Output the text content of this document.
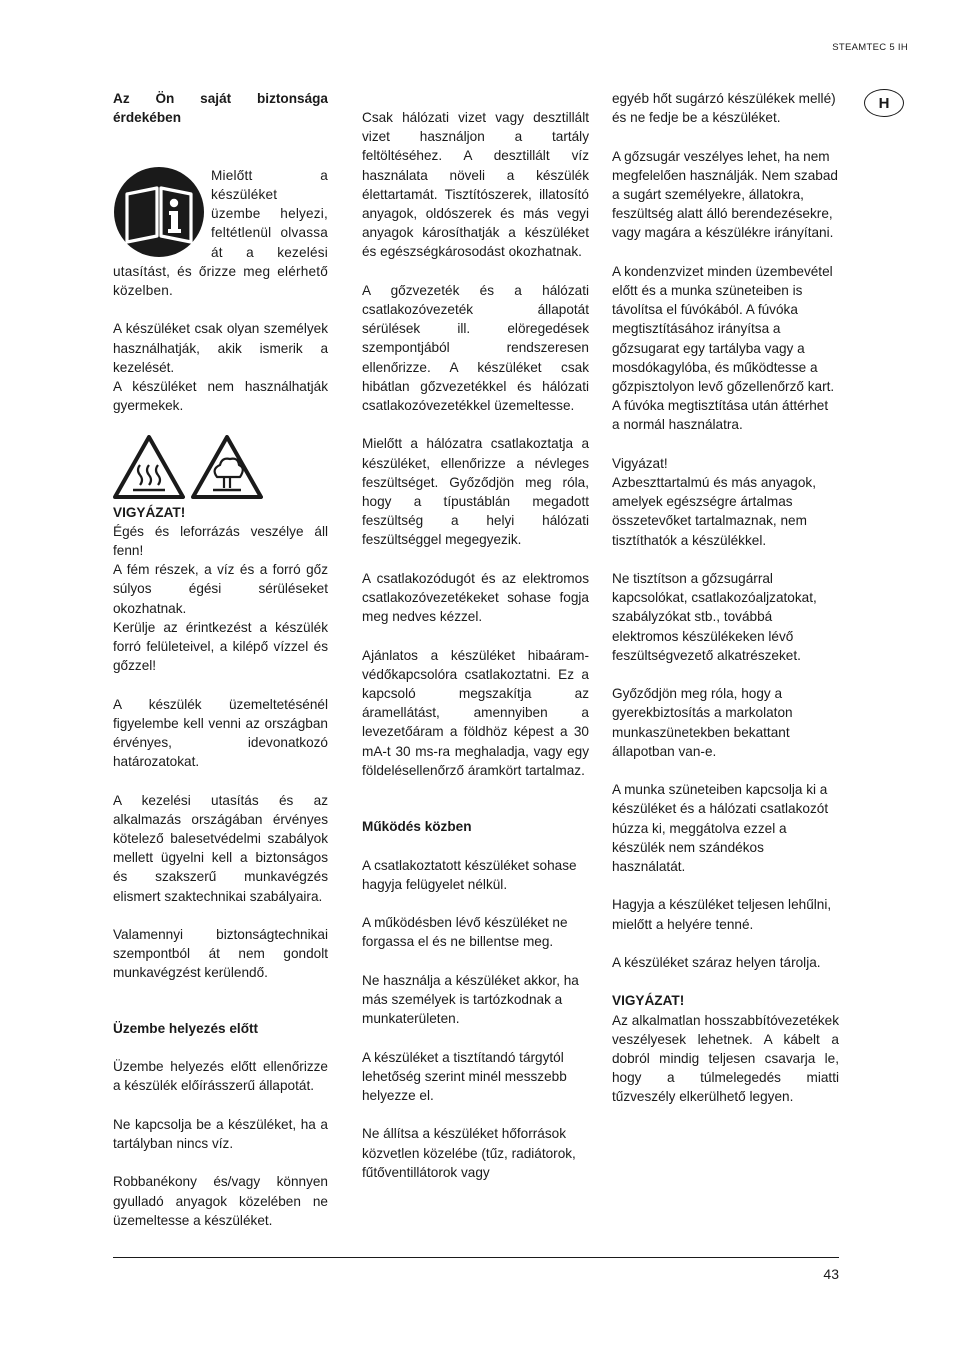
STEAMTEC 5 IH
H

Az Ön saját biztonsága érdekében

Mielőtt a készüléket üzembe helyezi, feltétlenül olvassa át a kezelési utasítást, és őrizze meg elérhető közelben.

A készüléket csak olyan személyek használhatják, akik ismerik a kezelését.

A készüléket nem használhatják gyermekek.

VIGYÁZAT!

Égés és leforrázás veszélye áll fenn!

A fém részek, a víz és a forró gőz súlyos égési sérüléseket okozhatnak.

Kerülje az érintkezést a készülék forró felületeivel, a kilépő vízzel és gőzzel!

A készülék üzemeltetésénél figyelembe kell venni az országban érvényes, idevonatkozó határozatokat.

A kezelési utasítás és az alkalmazás országában érvényes kötelező balesetvédelmi szabályok mellett ügyelni kell a biztonságos és szakszerű munkavégzés elismert szaktechnikai szabályaira.

Valamennyi biztonságtechnikai szempontból át nem gondolt munkavégzést kerülendő.

Üzembe helyezés előtt

Üzembe helyezés előtt ellenőrizze a készülék előírásszerű állapotát.

Ne kapcsolja be a készüléket, ha a tartályban nincs víz.

Robbanékony és/vagy könnyen gyulladó anyagok közelében ne üzemeltesse a készüléket.

Csak hálózati vizet vagy desztillált vizet használjon a tartály feltöltéséhez. A desztillált víz használata növeli a készülék élettartamát. Tisztítószerek, illatosító anyagok, oldószerek és más vegyi anyagok károsíthatják a készüléket és egészségkárosodást okozhatnak.

A gőzvezeték és a hálózati csatlakozóvezeték állapotát sérülések ill. elöregedések szempontjából rendszeresen ellenőrizze. A készüléket csak hibátlan gőzvezetékkel és hálózati csatlakozóvezetékkel üzemeltesse.

Mielőtt a hálózatra csatlakoztatja a készüléket, ellenőrizze a névleges feszültséget. Győződjön meg róla, hogy a típustáblán megadott feszültség a helyi hálózati feszültséggel megegyezik.

A csatlakozódugót és az elektromos csatlakozóvezetékeket sohase fogja meg nedves kézzel.

Ajánlatos a készüléket hibaáram-védőkapcsolóra csatlakoztatni. Ez a kapcsoló megszakítja az áramellátást, amennyiben a levezetőáram a földhöz képest a 30 mA-t 30 ms-ra meghaladja, vagy egy földelésellenőrző áramkört tartalmaz.

Működés közben

A csatlakoztatott készüléket sohase hagyja felügyelet nélkül.

A működésben lévő készüléket ne forgassa el és ne billentse meg.

Ne használja a készüléket akkor, ha más személyek is tartózkodnak a munkaterületen.

A készüléket a tisztítandó tárgytól lehetőség szerint minél messzebb helyezze el.

Ne állítsa a készüléket hőforrások közvetlen közelébe (tűz, radiátorok, fűtőventillátorok vagy

egyéb hőt sugárzó készülékek mellé) és ne fedje be a készüléket.

A gőzsugár veszélyes lehet, ha nem megfelelően használják. Nem szabad a sugárt személyekre, állatokra, feszültség alatt álló berendezésekre, vagy magára a készülékre irányítani.

A kondenzvizet minden üzembevétel előtt és a munka szüneteiben is távolítsa el fúvókából. A fúvóka megtisztításához irányítsa a gőzsugarat egy tartályba vagy a mosdókagylóba, és működtesse a gőzpisztolyon levő gőzellenőrző kart. A fúvóka megtisztítása után áttérhet a normál használatra.

Vigyázat!

Azbeszttartalmú és más anyagok, amelyek egészségre ártalmas összetevőket tartalmaznak, nem tisztíthatók a készülékkel.

Ne tisztítson a gőzsugárral kapcsolókat, csatlakozóaljzatokat, szabályzókat stb., továbbá elektromos készülékeken lévő feszültségvezető alkatrészeket.

Győződjön meg róla, hogy a gyerekbiztosítás a markolaton munkaszünetekben bekattant állapotban van-e.

A munka szüneteiben kapcsolja ki a készüléket és a hálózati csatlakozót húzza ki, meggátolva ezzel a készülék nem szándékos használatát.

Hagyja a készüléket teljesen lehűlni, mielőtt a helyére tenné.

A készüléket száraz helyen tárolja.

VIGYÁZAT!

Az alkalmatlan hosszabbítóvezetékek veszélyesek lehetnek. A kábelt a dobról mindig teljesen csavarja le, hogy a túlmelegedés miatti tűzveszély elkerülhető legyen.

43
